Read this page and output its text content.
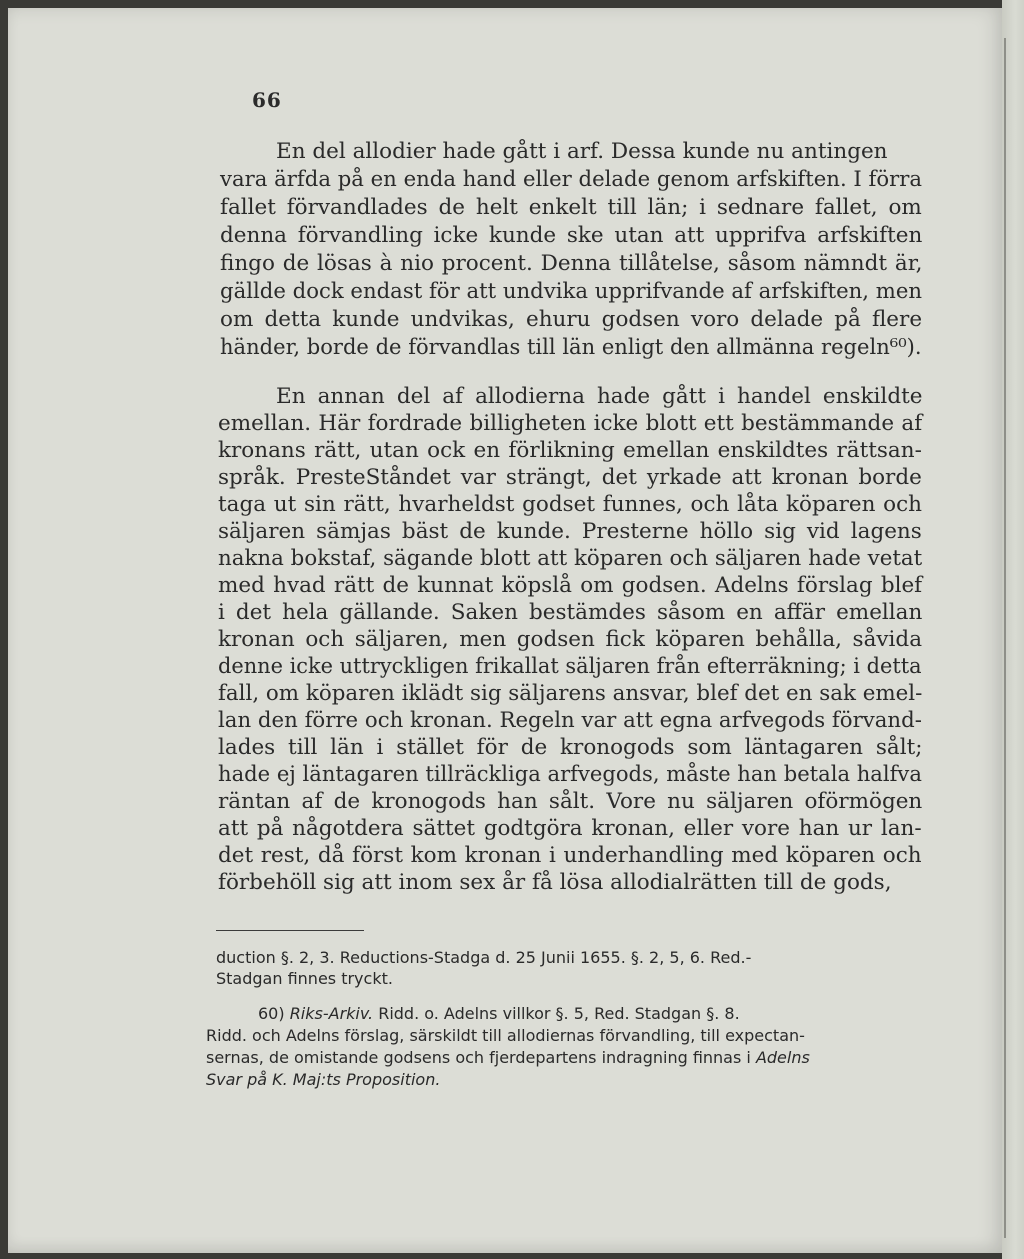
66
En del allodier hade gått i arf. Dessa kunde nu antingen
vara ärfda på en enda hand eller delade genom arfskiften. I förra
fallet förvandlades de helt enkelt till län; i sednare fallet, om
denna förvandling icke kunde ske utan att upprifva arfskiften
fingo de lösas à nio procent. Denna tillåtelse, såsom nämndt är,
gällde dock endast för att undvika upprifvande af arfskiften, men
om detta kunde undvikas, ehuru godsen voro delade på flere
händer, borde de förvandlas till län enligt den allmänna regeln⁶⁰).
En annan del af allodierna hade gått i handel enskildte
emellan. Här fordrade billigheten icke blott ett bestämmande af
kronans rätt, utan ock en förlikning emellan enskildtes rättsan-
språk. PresteStåndet var strängt, det yrkade att kronan borde
taga ut sin rätt, hvarheldst godset funnes, och låta köparen och
säljaren sämjas bäst de kunde. Presterne höllo sig vid lagens
nakna bokstaf, sägande blott att köparen och säljaren hade vetat
med hvad rätt de kunnat köpslå om godsen. Adelns förslag blef
i det hela gällande. Saken bestämdes såsom en affär emellan
kronan och säljaren, men godsen fick köparen behålla, såvida
denne icke uttryckligen frikallat säljaren från efterräkning; i detta
fall, om köparen iklädt sig säljarens ansvar, blef det en sak emel-
lan den förre och kronan. Regeln var att egna arfvegods förvand-
lades till län i stället för de kronogods som läntagaren sålt;
hade ej läntagaren tillräckliga arfvegods, måste han betala halfva
räntan af de kronogods han sålt. Vore nu säljaren oförmögen
att på någotdera sättet godtgöra kronan, eller vore han ur lan-
det rest, då först kom kronan i underhandling med köparen och
förbehöll sig att inom sex år få lösa allodialrätten till de gods,
duction §. 2, 3. Reductions-Stadga d. 25 Junii 1655. §. 2, 5, 6. Red.-
Stadgan finnes tryckt.
60) Riks-Arkiv. Ridd. o. Adelns villkor §. 5, Red. Stadgan §. 8.
Ridd. och Adelns förslag, särskildt till allodiernas förvandling, till expectan-
sernas, de omistande godsens och fjerdepartens indragning finnas i Adelns
Svar på K. Maj:ts Proposition.
